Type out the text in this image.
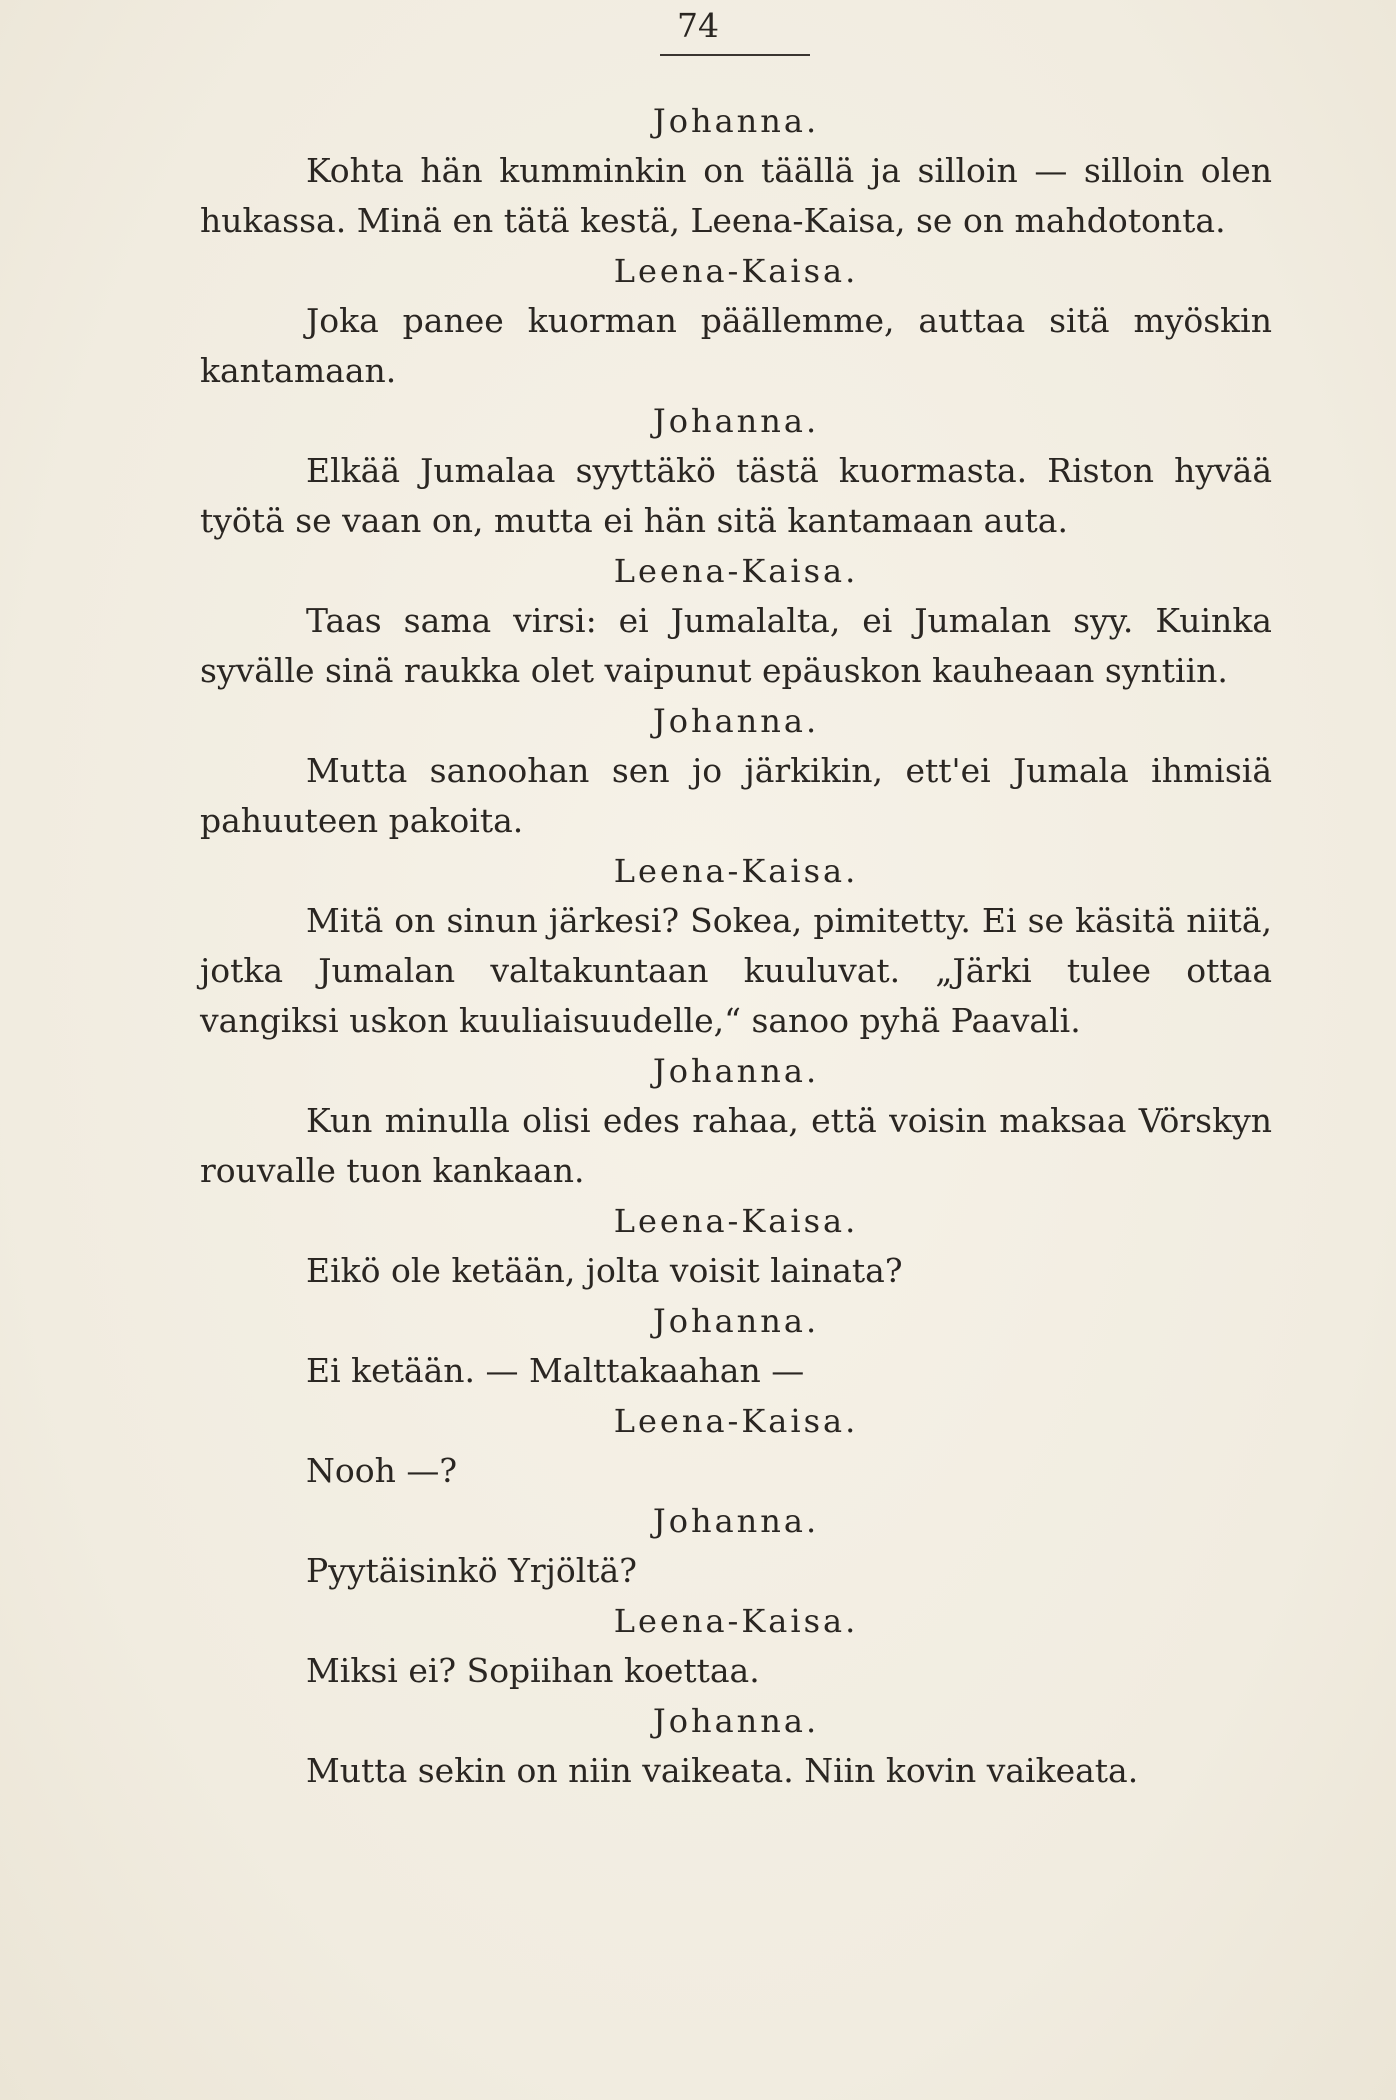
74

Johanna.

Kohta hän kumminkin on täällä ja silloin — silloin olen hukassa. Minä en tätä kestä, Leena-Kaisa, se on mahdotonta.

Leena-Kaisa.

Joka panee kuorman päällemme, auttaa sitä myöskin kantamaan.

Johanna.

Elkää Jumalaa syyttäkö tästä kuormasta. Riston hyvää työtä se vaan on, mutta ei hän sitä kantamaan auta.

Leena-Kaisa.

Taas sama virsi: ei Jumalalta, ei Jumalan syy. Kuinka syvälle sinä raukka olet vaipunut epäuskon kauheaan syntiin.

Johanna.

Mutta sanoohan sen jo järkikin, ett'ei Jumala ihmisiä pahuuteen pakoita.

Leena-Kaisa.

Mitä on sinun järkesi? Sokea, pimitetty. Ei se käsitä niitä, jotka Jumalan valtakuntaan kuuluvat. „Järki tulee ottaa vangiksi uskon kuuliaisuudelle,“ sanoo pyhä Paavali.

Johanna.

Kun minulla olisi edes rahaa, että voisin maksaa Vörskyn rouvalle tuon kankaan.

Leena-Kaisa.

Eikö ole ketään, jolta voisit lainata?

Johanna.

Ei ketään. — Malttakaahan —

Leena-Kaisa.

Nooh —?

Johanna.

Pyytäisinkö Yrjöltä?

Leena-Kaisa.

Miksi ei? Sopiihan koettaa.

Johanna.

Mutta sekin on niin vaikeata. Niin kovin vaikeata.
